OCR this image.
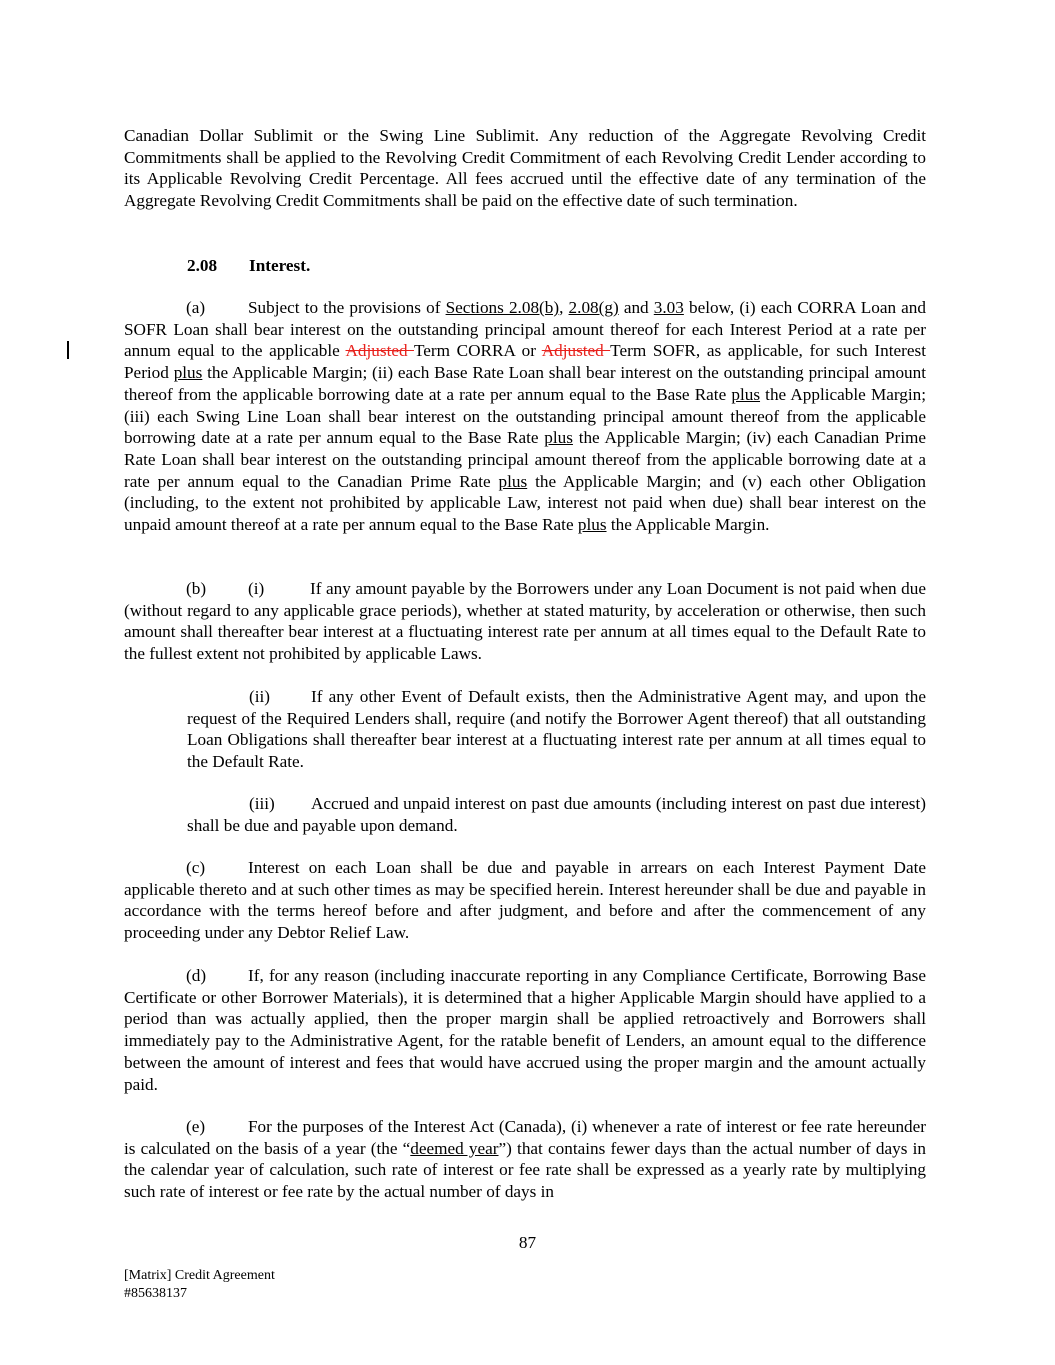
Canadian Dollar Sublimit or the Swing Line Sublimit. Any reduction of the Aggregate Revolving Credit Commitments shall be applied to the Revolving Credit Commitment of each Revolving Credit Lender according to its Applicable Revolving Credit Percentage. All fees accrued until the effective date of any termination of the Aggregate Revolving Credit Commitments shall be paid on the effective date of such termination.

2.08 Interest.

(a) Subject to the provisions of Sections 2.08(b), 2.08(g) and 3.03 below, (i) each CORRA Loan and SOFR Loan shall bear interest on the outstanding principal amount thereof for each Interest Period at a rate per annum equal to the applicable Adjusted Term CORRA or Adjusted Term SOFR, as applicable, for such Interest Period plus the Applicable Margin; (ii) each Base Rate Loan shall bear interest on the outstanding principal amount thereof from the applicable borrowing date at a rate per annum equal to the Base Rate plus the Applicable Margin; (iii) each Swing Line Loan shall bear interest on the outstanding principal amount thereof from the applicable borrowing date at a rate per annum equal to the Base Rate plus the Applicable Margin; (iv) each Canadian Prime Rate Loan shall bear interest on the outstanding principal amount thereof from the applicable borrowing date at a rate per annum equal to the Canadian Prime Rate plus the Applicable Margin; and (v) each other Obligation (including, to the extent not prohibited by applicable Law, interest not paid when due) shall bear interest on the unpaid amount thereof at a rate per annum equal to the Base Rate plus the Applicable Margin.

(b) (i)	If any amount payable by the Borrowers under any Loan Document is not paid when due (without regard to any applicable grace periods), whether at stated maturity, by acceleration or otherwise, then such amount shall thereafter bear interest at a fluctuating interest rate per annum at all times equal to the Default Rate to the fullest extent not prohibited by applicable Laws.

(ii) If any other Event of Default exists, then the Administrative Agent may, and upon the request of the Required Lenders shall, require (and notify the Borrower Agent thereof) that all outstanding Loan Obligations shall thereafter bear interest at a fluctuating interest rate per annum at all times equal to the Default Rate.

(iii) Accrued and unpaid interest on past due amounts (including interest on past due interest) shall be due and payable upon demand.

(c) Interest on each Loan shall be due and payable in arrears on each Interest Payment Date applicable thereto and at such other times as may be specified herein. Interest hereunder shall be due and payable in accordance with the terms hereof before and after judgment, and before and after the commencement of any proceeding under any Debtor Relief Law.

(d) If, for any reason (including inaccurate reporting in any Compliance Certificate, Borrowing Base Certificate or other Borrower Materials), it is determined that a higher Applicable Margin should have applied to a period than was actually applied, then the proper margin shall be applied retroactively and Borrowers shall immediately pay to the Administrative Agent, for the ratable benefit of Lenders, an amount equal to the difference between the amount of interest and fees that would have accrued using the proper margin and the amount actually paid.

(e) For the purposes of the Interest Act (Canada), (i) whenever a rate of interest or fee rate hereunder is calculated on the basis of a year (the “deemed year”) that contains fewer days than the actual number of days in the calendar year of calculation, such rate of interest or fee rate shall be expressed as a yearly rate by multiplying such rate of interest or fee rate by the actual number of days in

87
[Matrix] Credit Agreement
#85638137
